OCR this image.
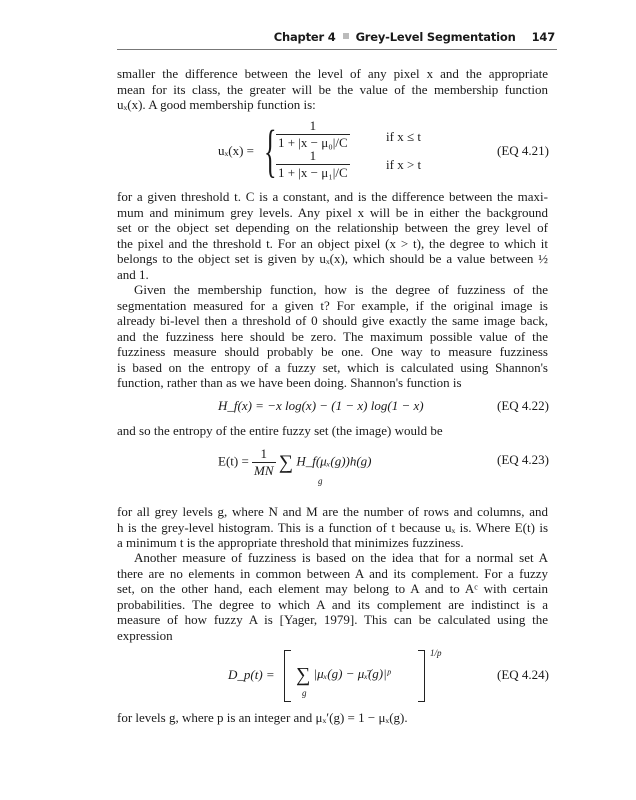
Chapter 4 Grey-Level Segmentation 147
smaller the difference between the level of any pixel x and the appropriate
mean for its class, the greater will be the value of the membership function
uₓ(x). A good membership function is:
for a given threshold t. C is a constant, and is the difference between the maxi-
mum and minimum grey levels. Any pixel x will be in either the background
set or the object set depending on the relationship between the grey level of
the pixel and the threshold t. For an object pixel (x > t), the degree to which it
belongs to the object set is given by uₓ(x), which should be a value between ½
and 1.
Given the membership function, how is the degree of fuzziness of the
segmentation measured for a given t? For example, if the original image is
already bi-level then a threshold of 0 should give exactly the same image back,
and the fuzziness here should be zero. The maximum possible value of the
fuzziness measure should probably be one. One way to measure fuzziness
is based on the entropy of a fuzzy set, which is calculated using Shannon's
function, rather than as we have been doing. Shannon's function is
and so the entropy of the entire fuzzy set (the image) would be
for all grey levels g, where N and M are the number of rows and columns, and
h is the grey-level histogram. This is a function of t because uₓ is. Where E(t) is
a minimum t is the appropriate threshold that minimizes fuzziness.
Another measure of fuzziness is based on the idea that for a normal set A
there are no elements in common between A and its complement. For a fuzzy
set, on the other hand, each element may belong to A and to Aᶜ with certain
probabilities. The degree to which A and its complement are indistinct is a
measure of how fuzzy A is [Yager, 1979]. This can be calculated using the
expression
for levels g, where p is an integer and μₓ′(g) = 1 − μₓ(g).
uₓ(x) = { $\frac{1}{\text{1 + |x − μ₀|/C}}$
$\frac{1}{\text{1 + |x − μ₁|/C}}$
if x ≤ t
if x > t
(EQ 4.21)
H_f(x) = −x log(x) − (1 − x) log(1 − x)	(EQ 4.22)
$E(t) = \frac{1}{MN}$ ∑ H_f(μₓ(g))h(g)
g
(EQ 4.23)
D_p(t) = ∑ |μₓ(g) − μₓ̄(g)|ᵖ
g
1/p
(EQ 4.24)
